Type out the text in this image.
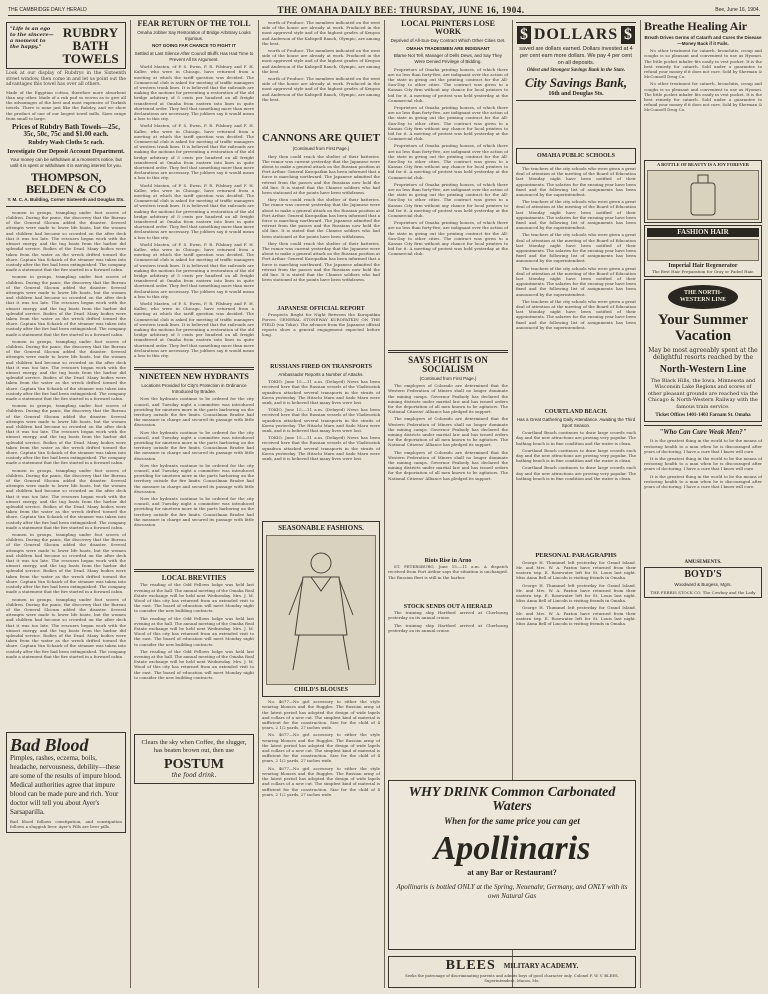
THE CAMBRIDGE DAILY HERALD	THE OMAHA DAILY BEE: THURSDAY, JUNE 16, 1904.	Bee, June 16, 1904.
"Life is an ego to the sincere—a moment to the happy."
RUBDRY BATH TOWELS
Look at our display of Rubdrys in the Sixteenth street window, then come in and let us point out the advantages this towel has over all others.
Made of the Egyptian cotton, therefore more absorbent than any other. Made of a rub pad so woven as to give all the advantages of the best and most expensive of Turkish towels. There is none just like the Rubdry, and we show the product of one of our largest towel mills. Sizes range from small to large.
Prices of Rubdry Bath Towels—25c, 35c, 50c, 75c and $1.00 each.
Rubdry Wash Cloths 5c each.
Investigate Our Deposit Account Department.
Your money can be withdrawn at a moment's notice, but until it is spent or withdrawn it is earning interest for you.
THOMPSON, BELDEN & CO
Y. M. C. A. Building, Corner Sixteenth and Douglas Sts.

women in groups, trampling under foot scores of children. During the panic, the discovery that the Bureau of the General Slocum added the disaster. Several attempts were made to lower life boats, but the women and children had become so crowded on the after deck that it was too late. The rescuers began work with the utmost energy, and the tug boats from the harbor did splendid service. Bodies of the Dead. Many bodies were taken from the water as the wreck drifted toward the shore. Captain Van Schaick of the steamer was taken into custody after the fire had been extinguished. The company made a statement that the fire started in a forward cabin.

women in groups, trampling under foot scores of children. During the panic, the discovery that the Bureau of the General Slocum added the disaster. Several attempts were made to lower life boats, but the women and children had become so crowded on the after deck that it was too late. The rescuers began work with the utmost energy, and the tug boats from the harbor did splendid service. Bodies of the Dead. Many bodies were taken from the water as the wreck drifted toward the shore. Captain Van Schaick of the steamer was taken into custody after the fire had been extinguished. The company made a statement that the fire started in a forward cabin.

women in groups, trampling under foot scores of children. During the panic, the discovery that the Bureau of the General Slocum added the disaster. Several attempts were made to lower life boats, but the women and children had become so crowded on the after deck that it was too late. The rescuers began work with the utmost energy, and the tug boats from the harbor did splendid service. Bodies of the Dead. Many bodies were taken from the water as the wreck drifted toward the shore. Captain Van Schaick of the steamer was taken into custody after the fire had been extinguished. The company made a statement that the fire started in a forward cabin.

women in groups, trampling under foot scores of children. During the panic, the discovery that the Bureau of the General Slocum added the disaster. Several attempts were made to lower life boats, but the women and children had become so crowded on the after deck that it was too late. The rescuers began work with the utmost energy, and the tug boats from the harbor did splendid service. Bodies of the Dead. Many bodies were taken from the water as the wreck drifted toward the shore. Captain Van Schaick of the steamer was taken into custody after the fire had been extinguished. The company made a statement that the fire started in a forward cabin.

women in groups, trampling under foot scores of children. During the panic, the discovery that the Bureau of the General Slocum added the disaster. Several attempts were made to lower life boats, but the women and children had become so crowded on the after deck that it was too late. The rescuers began work with the utmost energy, and the tug boats from the harbor did splendid service. Bodies of the Dead. Many bodies were taken from the water as the wreck drifted toward the shore. Captain Van Schaick of the steamer was taken into custody after the fire had been extinguished. The company made a statement that the fire started in a forward cabin.

women in groups, trampling under foot scores of children. During the panic, the discovery that the Bureau of the General Slocum added the disaster. Several attempts were made to lower life boats, but the women and children had become so crowded on the after deck that it was too late. The rescuers began work with the utmost energy, and the tug boats from the harbor did splendid service. Bodies of the Dead. Many bodies were taken from the water as the wreck drifted toward the shore. Captain Van Schaick of the steamer was taken into custody after the fire had been extinguished. The company made a statement that the fire started in a forward cabin.

women in groups, trampling under foot scores of children. During the panic, the discovery that the Bureau of the General Slocum added the disaster. Several attempts were made to lower life boats, but the women and children had become so crowded on the after deck that it was too late. The rescuers began work with the utmost energy, and the tug boats from the harbor did splendid service. Bodies of the Dead. Many bodies were taken from the water as the wreck drifted toward the shore. Captain Van Schaick of the steamer was taken into custody after the fire had been extinguished. The company made a statement that the fire started in a forward cabin.

Bad Blood
Pimples, rashes, eczema, boils, headache, nervousness, debility—these are some of the results of impure blood. Medical authorities agree that impure blood can be made pure and rich. Your doctor will tell you about Ayer's Sarsaparilla.
Bad blood follows constipation, and constipation follows a sluggish liver. Ayer's Pills are liver pills.
FEAR RETURN OF THE TOLL
Omaha Jobber Say Restoration of Bridge Arbitrary Looks Injurious.
NOT GOING FAR CHANCE TO FIGHT IT
Settled at Last Silence After Council Bluffs Has Had Time to Prevent All Its Argument.

World Masten, of P. S. Ewen, P. R. Pilsbury and F. H. Kaller, who were in Chicago, have returned from a meeting at which the tariff question was decided. The Commercial club is asked for meeting of traffic managers of western trunk lines. It is believed that the railroads are making the motions for preventing a restoration of the old bridge arbitrary of 5 cents per hundred on all freight transferred at Omaha from eastern into lines in quite shortened order. They feel that something more than mere declarations are necessary. The jobbers say it would mean a loss to this city.

World Masten, of P. S. Ewen, P. R. Pilsbury and F. H. Kaller, who were in Chicago, have returned from a meeting at which the tariff question was decided. The Commercial club is asked for meeting of traffic managers of western trunk lines. It is believed that the railroads are making the motions for preventing a restoration of the old bridge arbitrary of 5 cents per hundred on all freight transferred at Omaha from eastern into lines in quite shortened order. They feel that something more than mere declarations are necessary. The jobbers say it would mean a loss to this city.

World Masten, of P. S. Ewen, P. R. Pilsbury and F. H. Kaller, who were in Chicago, have returned from a meeting at which the tariff question was decided. The Commercial club is asked for meeting of traffic managers of western trunk lines. It is believed that the railroads are making the motions for preventing a restoration of the old bridge arbitrary of 5 cents per hundred on all freight transferred at Omaha from eastern into lines in quite shortened order. They feel that something more than mere declarations are necessary. The jobbers say it would mean a loss to this city.

World Masten, of P. S. Ewen, P. R. Pilsbury and F. H. Kaller, who were in Chicago, have returned from a meeting at which the tariff question was decided. The Commercial club is asked for meeting of traffic managers of western trunk lines. It is believed that the railroads are making the motions for preventing a restoration of the old bridge arbitrary of 5 cents per hundred on all freight transferred at Omaha from eastern into lines in quite shortened order. They feel that something more than mere declarations are necessary. The jobbers say it would mean a loss to this city.

World Masten, of P. S. Ewen, P. R. Pilsbury and F. H. Kaller, who were in Chicago, have returned from a meeting at which the tariff question was decided. The Commercial club is asked for meeting of traffic managers of western trunk lines. It is believed that the railroads are making the motions for preventing a restoration of the old bridge arbitrary of 5 cents per hundred on all freight transferred at Omaha from eastern into lines in quite shortened order. They feel that something more than mere declarations are necessary. The jobbers say it would mean a loss to this city.

NINETEEN NEW HYDRANTS
Locations Provided for City's Protection in Ordinance Introduced by Bradee.

Now the hydrants continue to be ordered for the city council, and Tuesday night a committee was introduced providing for nineteen more in the parts harboring on the territory outside the fire limits. Councilman Bradee had the measure in charge and secured its passage with little discussion.

Now the hydrants continue to be ordered for the city council, and Tuesday night a committee was introduced providing for nineteen more in the parts harboring on the territory outside the fire limits. Councilman Bradee had the measure in charge and secured its passage with little discussion.

Now the hydrants continue to be ordered for the city council, and Tuesday night a committee was introduced providing for nineteen more in the parts harboring on the territory outside the fire limits. Councilman Bradee had the measure in charge and secured its passage with little discussion.

Now the hydrants continue to be ordered for the city council, and Tuesday night a committee was introduced providing for nineteen more in the parts harboring on the territory outside the fire limits. Councilman Bradee had the measure in charge and secured its passage with little discussion.

LOCAL BREVITIES

The reading of the Odd Fellows lodge was held last evening at the hall. The annual meeting of the Omaha Real Estate exchange will be held next Wednesday. Mrs. J. M. Wood of this city has returned from an extended visit to the east. The board of education will meet Monday night to consider the new building contracts.

The reading of the Odd Fellows lodge was held last evening at the hall. The annual meeting of the Omaha Real Estate exchange will be held next Wednesday. Mrs. J. M. Wood of this city has returned from an extended visit to the east. The board of education will meet Monday night to consider the new building contracts.

The reading of the Odd Fellows lodge was held last evening at the hall. The annual meeting of the Omaha Real Estate exchange will be held next Wednesday. Mrs. J. M. Wood of this city has returned from an extended visit to the east. The board of education will meet Monday night to consider the new building contracts.

Clears the sky when Coffee, the slugger, has beaten brown out, then use
POSTUM
the food drink.

worth of Produce. The members indicated on the west side of the house are already at work. Produced in the most approved style and of the highest grades of Kenyon and Anderson of the Kalispell Ranch, Olympic, are among the best.

worth of Produce. The members indicated on the west side of the house are already at work. Produced in the most approved style and of the highest grades of Kenyon and Anderson of the Kalispell Ranch, Olympic, are among the best.

worth of Produce. The members indicated on the west side of the house are already at work. Produced in the most approved style and of the highest grades of Kenyon and Anderson of the Kalispell Ranch, Olympic, are among the best.

CANNONS ARE QUIET
(Continued from First Page.)

they then could reach the shelter of their batteries. The rumor was current yesterday that the Japanese were about to make a general attack on the Russian position at Port Arthur. General Kuropatkin has been informed that a force is marching northward. The Japanese admitted the retreat from the passes and the Russians now hold the old line. It is stated that the Chinese soldiers who had been stationed at the points have been withdrawn.

they then could reach the shelter of their batteries. The rumor was current yesterday that the Japanese were about to make a general attack on the Russian position at Port Arthur. General Kuropatkin has been informed that a force is marching northward. The Japanese admitted the retreat from the passes and the Russians now hold the old line. It is stated that the Chinese soldiers who had been stationed at the points have been withdrawn.

they then could reach the shelter of their batteries. The rumor was current yesterday that the Japanese were about to make a general attack on the Russian position at Port Arthur. General Kuropatkin has been informed that a force is marching northward. The Japanese admitted the retreat from the passes and the Russians now hold the old line. It is stated that the Chinese soldiers who had been stationed at the points have been withdrawn.

JAPANESE OFFICIAL REPORT

Prospects Bright for Night Between the Kuropatkin Forces. GENERAL STONEWAY KUROPATKIN ON THE FIELD (via Tokio). The advance from the Japanese official reports show a general engagement expected before long.

RUSSIANS FIRED ON TRANSPORTS
Ambassador Reports a Number of Attacks.

TOKIO, June 15.—11 a.m. (Delayed) News has been received here that the Russian vessels of the Vladivostok squadron attacked several transports in the straits of Korea yesterday. The Hitachi Maru and Sado Maru were sunk, and it is believed that many lives were lost.

TOKIO, June 15.—11 a.m. (Delayed) News has been received here that the Russian vessels of the Vladivostok squadron attacked several transports in the straits of Korea yesterday. The Hitachi Maru and Sado Maru were sunk, and it is believed that many lives were lost.

TOKIO, June 15.—11 a.m. (Delayed) News has been received here that the Russian vessels of the Vladivostok squadron attacked several transports in the straits of Korea yesterday. The Hitachi Maru and Sado Maru were sunk, and it is believed that many lives were lost.

SEASONABLE FASHIONS.
CHILD'S BLOUSES

No. 4677—No girl accessory to either the style wearing blouses and the Ruggles. The Russian army of the latest period has adopted the design of wide lapels and collars of a new cut. The simplest kind of material is sufficient for the construction. Size for the child of 4 years, 2 1/2 yards, 27 inches wide.

No. 4677—No girl accessory to either the style wearing blouses and the Ruggles. The Russian army of the latest period has adopted the design of wide lapels and collars of a new cut. The simplest kind of material is sufficient for the construction. Size for the child of 4 years, 2 1/2 yards, 27 inches wide.

No. 4677—No girl accessory to either the style wearing blouses and the Ruggles. The Russian army of the latest period has adopted the design of wide lapels and collars of a new cut. The simplest kind of material is sufficient for the construction. Size for the child of 4 years, 2 1/2 yards, 27 inches wide.

LOCAL PRINTERS LOSE WORK
Deprived of All-Sun-Day Contract Which Other Cities Get.
OMAHA TRADESMEN ARE INDIGNANT
Blame Not Tell, Manager of Dells Dews, and Say They Were Denied Privilege of Bidding.

Proprietors of Omaha printing houses, of which there are no less than forty-five, are indignant over the action of the state in giving out the printing contract for the All-Sun-Day to other cities. The contract was given to a Kansas City firm without any chance for local printers to bid for it. A meeting of protest was held yesterday at the Commercial club.

Proprietors of Omaha printing houses, of which there are no less than forty-five, are indignant over the action of the state in giving out the printing contract for the All-Sun-Day to other cities. The contract was given to a Kansas City firm without any chance for local printers to bid for it. A meeting of protest was held yesterday at the Commercial club.

Proprietors of Omaha printing houses, of which there are no less than forty-five, are indignant over the action of the state in giving out the printing contract for the All-Sun-Day to other cities. The contract was given to a Kansas City firm without any chance for local printers to bid for it. A meeting of protest was held yesterday at the Commercial club.

Proprietors of Omaha printing houses, of which there are no less than forty-five, are indignant over the action of the state in giving out the printing contract for the All-Sun-Day to other cities. The contract was given to a Kansas City firm without any chance for local printers to bid for it. A meeting of protest was held yesterday at the Commercial club.

Proprietors of Omaha printing houses, of which there are no less than forty-five, are indignant over the action of the state in giving out the printing contract for the All-Sun-Day to other cities. The contract was given to a Kansas City firm without any chance for local printers to bid for it. A meeting of protest was held yesterday at the Commercial club.

SAYS FIGHT IS ON SOCIALISM
(Continued from First Page.)

The employers of Colorado are determined that the Western Federation of Miners shall no longer dominate the mining camps. Governor Peabody has declared the mining districts under martial law and has issued orders for the deportation of all men known to be agitators. The National Citizens' Alliance has pledged its support.

The employers of Colorado are determined that the Western Federation of Miners shall no longer dominate the mining camps. Governor Peabody has declared the mining districts under martial law and has issued orders for the deportation of all men known to be agitators. The National Citizens' Alliance has pledged its support.

The employers of Colorado are determined that the Western Federation of Miners shall no longer dominate the mining camps. Governor Peabody has declared the mining districts under martial law and has issued orders for the deportation of all men known to be agitators. The National Citizens' Alliance has pledged its support.

Riots Rise in Arno

ST. PETERSBURG, June 15.—11 a.m. A dispatch received from Port Arthur says the situation is unchanged. The Russian fleet is still in the harbor.

STOCK SENDS OUT A HERALD

The training ship Hartford arrived at Cherbourg yesterday on its annual cruise.

The training ship Hartford arrived at Cherbourg yesterday on its annual cruise.

WHY DRINK Common Carbonated Waters
When for the same price you can get
Apollinaris
at any Bar or Restaurant?
Apollinaris is bottled ONLY at the Spring, Neuenahr, Germany, and ONLY with its own Natural Gas
BLEES MILITARY ACADEMY.
Seeks the patronage of discriminating parents and admits boys of good character only. Colonel F. W. V. BLEES, Superintendent, Macon, Mo.
$ DOLLARS $
saved are dollars earned. Dollars invested at 4 per cent earn more dollars. We pay 4 per cent on all deposits.
Oldest and Strongest Savings Bank in the State.
City Savings Bank,
16th and Douglas Sts.
OMAHA PUBLIC SCHOOLS

The teachers of the city schools who were given a great deal of attention at the meeting of the Board of Education last Monday night have been notified of their appointments. The salaries for the ensuing year have been fixed and the following list of assignments has been announced by the superintendent.

The teachers of the city schools who were given a great deal of attention at the meeting of the Board of Education last Monday night have been notified of their appointments. The salaries for the ensuing year have been fixed and the following list of assignments has been announced by the superintendent.

The teachers of the city schools who were given a great deal of attention at the meeting of the Board of Education last Monday night have been notified of their appointments. The salaries for the ensuing year have been fixed and the following list of assignments has been announced by the superintendent.

The teachers of the city schools who were given a great deal of attention at the meeting of the Board of Education last Monday night have been notified of their appointments. The salaries for the ensuing year have been fixed and the following list of assignments has been announced by the superintendent.

The teachers of the city schools who were given a great deal of attention at the meeting of the Board of Education last Monday night have been notified of their appointments. The salaries for the ensuing year have been fixed and the following list of assignments has been announced by the superintendent.

COURTLAND BEACH.
Has a Great Gathering Daily Attendance. Awaiting the Third Sport Season.

Courtland Beach continues to draw large crowds each day and the new attractions are proving very popular. The bathing beach is in fine condition and the water is clean.

Courtland Beach continues to draw large crowds each day and the new attractions are proving very popular. The bathing beach is in fine condition and the water is clean.

Courtland Beach continues to draw large crowds each day and the new attractions are proving very popular. The bathing beach is in fine condition and the water is clean.

PERSONAL PARAGRAPHS

George H. Thummel left yesterday for Grand Island. Mr. and Mrs. W. A. Paxton have returned from their eastern trip. E. Rosewater left for St. Louis last night. Miss Anna Bell of Lincoln is visiting friends in Omaha.

George H. Thummel left yesterday for Grand Island. Mr. and Mrs. W. A. Paxton have returned from their eastern trip. E. Rosewater left for St. Louis last night. Miss Anna Bell of Lincoln is visiting friends in Omaha.

George H. Thummel left yesterday for Grand Island. Mr. and Mrs. W. A. Paxton have returned from their eastern trip. E. Rosewater left for St. Louis last night. Miss Anna Bell of Lincoln is visiting friends in Omaha.

Breathe Healing Air
Breath Drives Germs of Catarrh and Cures the Disease—Money Back if it Fails.

No other treatment for catarrh, bronchitis, croup and coughs is so pleasant and convenient to use as Hyomei. The little pocket inhaler fits easily in vest pocket. It is the best remedy for catarrh. Sold under a guarantee to refund your money if it does not cure. Sold by Sherman & McConnell Drug Co.

No other treatment for catarrh, bronchitis, croup and coughs is so pleasant and convenient to use as Hyomei. The little pocket inhaler fits easily in vest pocket. It is the best remedy for catarrh. Sold under a guarantee to refund your money if it does not cure. Sold by Sherman & McConnell Drug Co.

A BOTTLE OF BEAUTY IS A JOY FOREVER
FASHION HAIR
Imperial Hair Regenerator
The Best Hair Preparation for Gray or Faded Hair.
THE NORTH-WESTERN LINE
Your Summer Vacation
May be most agreeably spent at the delightful resorts reached by the
North-Western Line
The Black Hills, the Iowa, Minnesota and Wisconsin Lake Regions and scores of other pleasant grounds are reached via the Chicago & North-Western Railway with the famous train service.
Ticket Offices 1401-1403 Farnam St. Omaha
"Who Can Cure Weak Men?"

It is the greatest thing in the world to be the means of restoring health to a man when he is discouraged after years of doctoring. I have a cure that I know will cure.

It is the greatest thing in the world to be the means of restoring health to a man when he is discouraged after years of doctoring. I have a cure that I know will cure.

It is the greatest thing in the world to be the means of restoring health to a man when he is discouraged after years of doctoring. I have a cure that I know will cure.

AMUSEMENTS.
BOYD'S
Woodward & Burgess, Mgrs.
THE FERRIS STOCK CO. The Cowboy and the Lady
